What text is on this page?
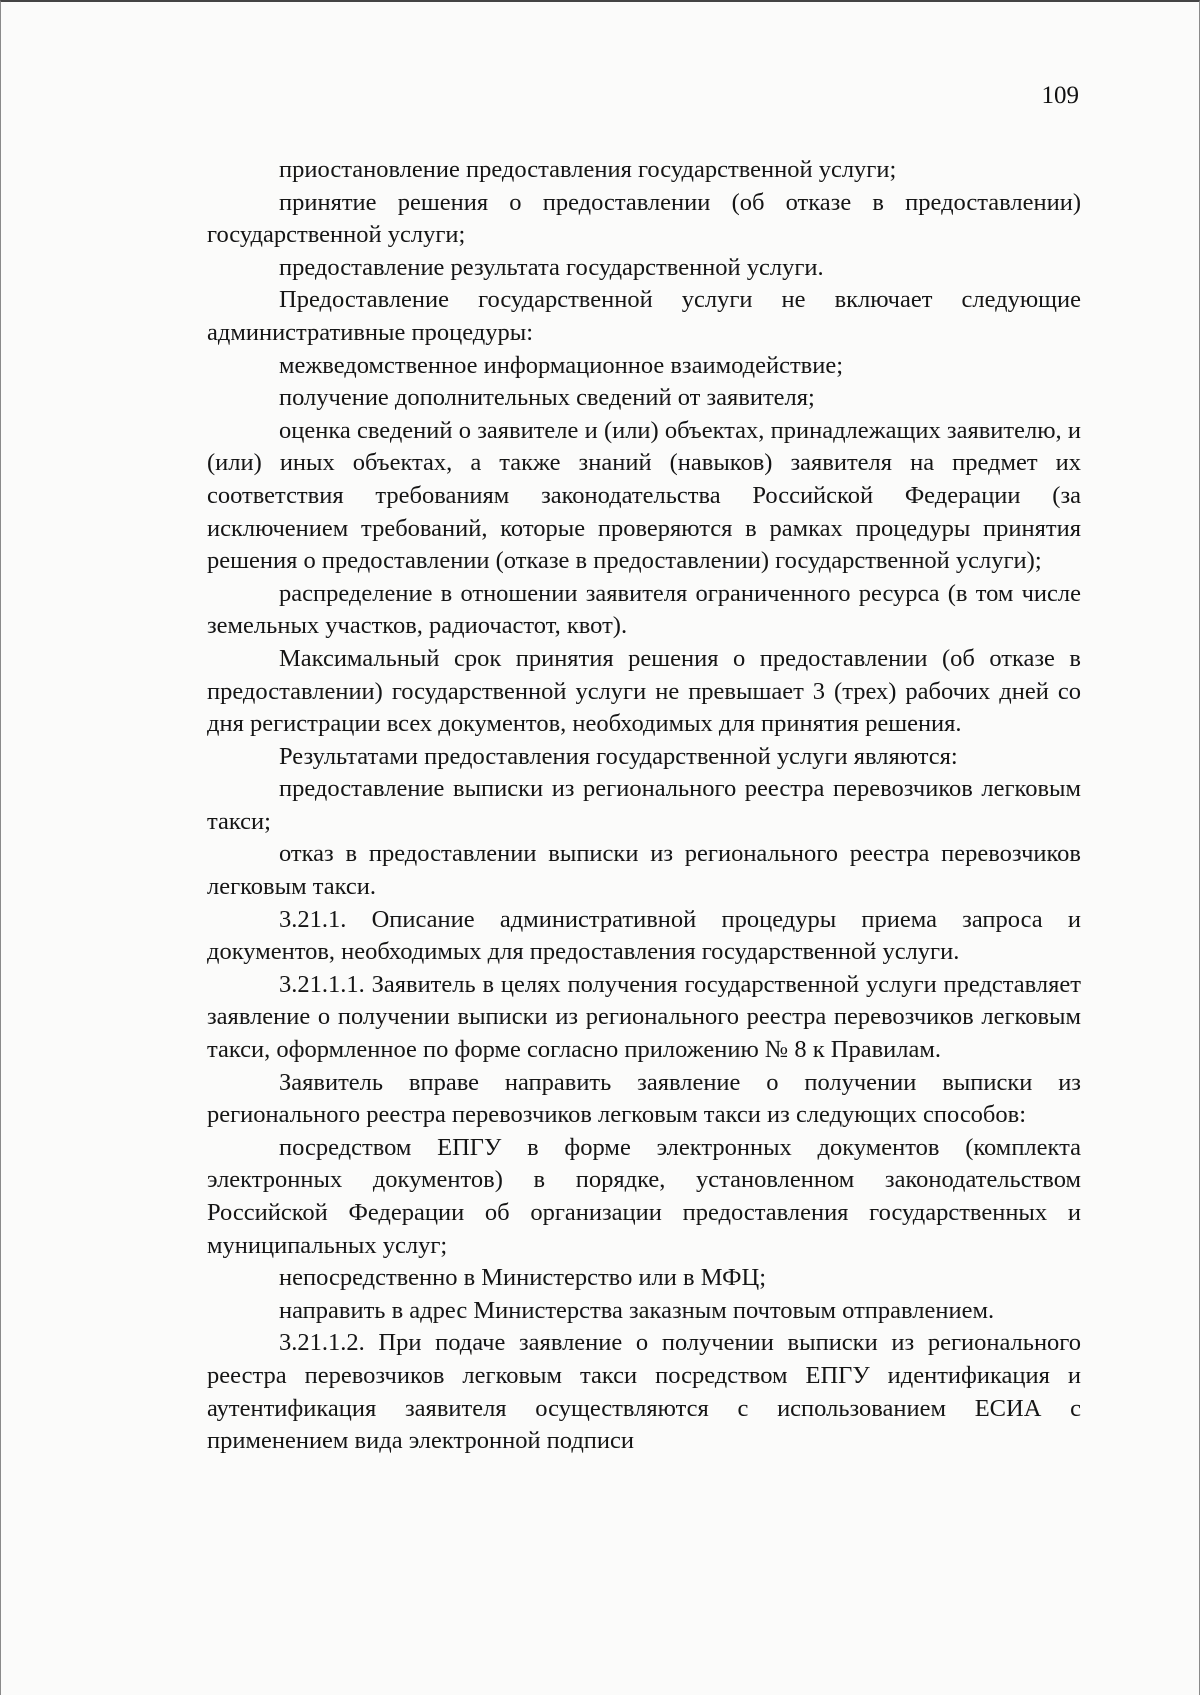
109

приостановление предоставления государственной услуги;

принятие решения о предоставлении (об отказе в предоставлении) государственной услуги;

предоставление результата государственной услуги.

Предоставление государственной услуги не включает следующие административные процедуры:

межведомственное информационное взаимодействие;

получение дополнительных сведений от заявителя;

оценка сведений о заявителе и (или) объектах, принадлежащих заявителю, и (или) иных объектах, а также знаний (навыков) заявителя на предмет их соответствия требованиям законодательства Российской Федерации (за исключением требований, которые проверяются в рамках процедуры принятия решения о предоставлении (отказе в предоставлении) государственной услуги);

распределение в отношении заявителя ограниченного ресурса (в том числе земельных участков, радиочастот, квот).

Максимальный срок принятия решения о предоставлении (об отказе в предоставлении) государственной услуги не превышает 3 (трех) рабочих дней со дня регистрации всех документов, необходимых для принятия решения.

Результатами предоставления государственной услуги являются:

предоставление выписки из регионального реестра перевозчиков легковым такси;

отказ в предоставлении выписки из регионального реестра перевозчиков легковым такси.

3.21.1. Описание административной процедуры приема запроса и документов, необходимых для предоставления государственной услуги.

3.21.1.1. Заявитель в целях получения государственной услуги представляет заявление о получении выписки из регионального реестра перевозчиков легковым такси, оформленное по форме согласно приложению № 8 к Правилам.

Заявитель вправе направить заявление о получении выписки из регионального реестра перевозчиков легковым такси из следующих способов:

посредством ЕПГУ в форме электронных документов (комплекта электронных документов) в порядке, установленном законодательством Российской Федерации об организации предоставления государственных и муниципальных услуг;

непосредственно в Министерство или в МФЦ;

направить в адрес Министерства заказным почтовым отправлением.

3.21.1.2. При подаче заявление о получении выписки из регионального реестра перевозчиков легковым такси посредством ЕПГУ идентификация и аутентификация заявителя осуществляются с использованием ЕСИА с применением вида электронной подписи
